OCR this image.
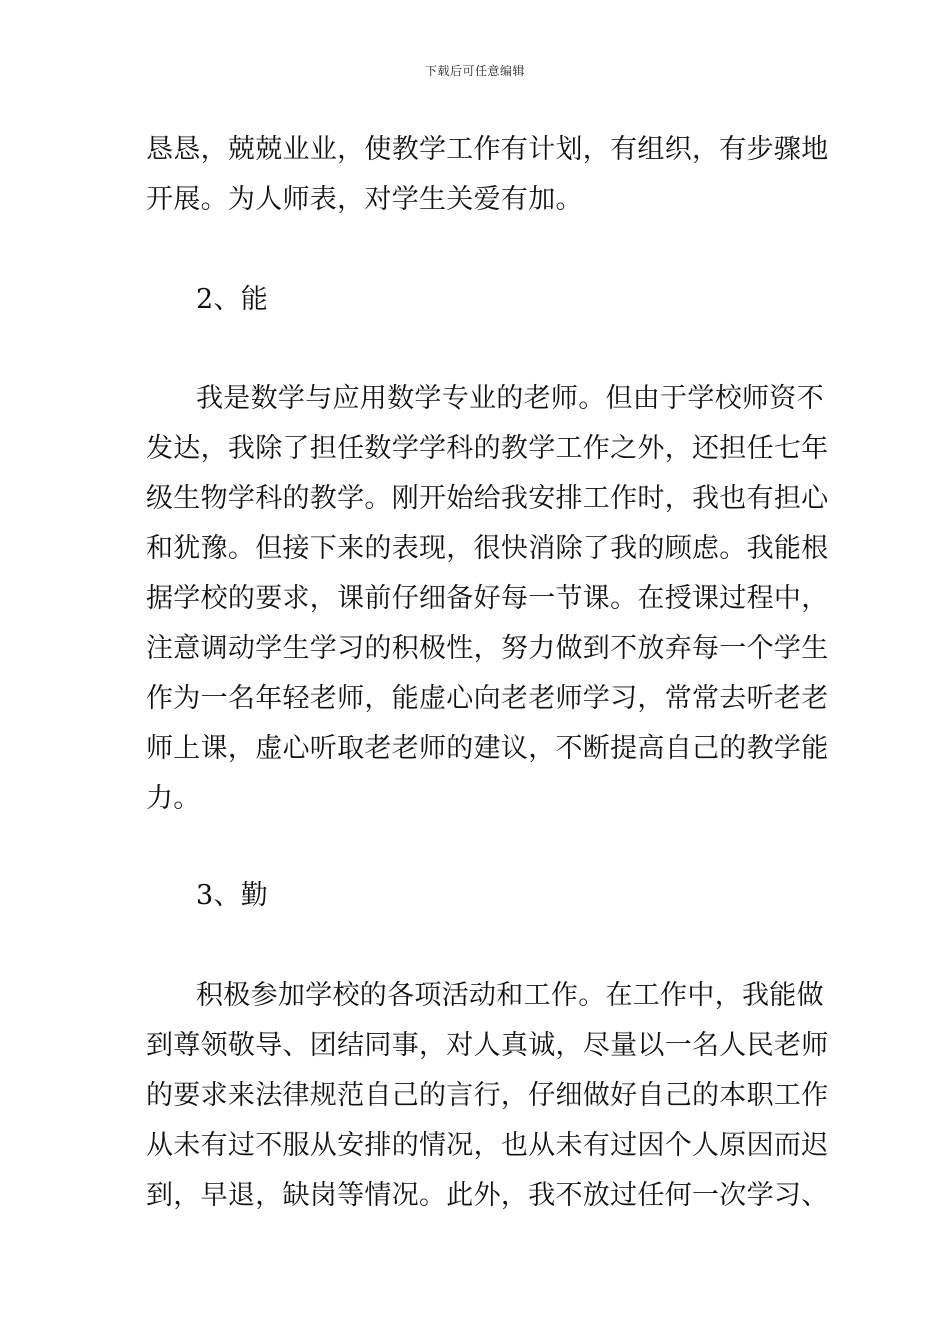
下载后可任意编辑
恳恳，兢兢业业，使教学工作有计划，有组织，有步骤地
开展。为人师表，对学生关爱有加。
2、能
我是数学与应用数学专业的老师。但由于学校师资不
发达，我除了担任数学学科的教学工作之外，还担任七年
级生物学科的教学。刚开始给我安排工作时，我也有担心
和犹豫。但接下来的表现，很快消除了我的顾虑。我能根
据学校的要求，课前仔细备好每一节课。在授课过程中，
注意调动学生学习的积极性，努力做到不放弃每一个学生
作为一名年轻老师，能虚心向老老师学习，常常去听老老
师上课，虚心听取老老师的建议，不断提高自己的教学能
力。
3、勤
积极参加学校的各项活动和工作。在工作中，我能做
到尊领敬导、团结同事，对人真诚，尽量以一名人民老师
的要求来法律规范自己的言行，仔细做好自己的本职工作
从未有过不服从安排的情况，也从未有过因个人原因而迟
到，早退，缺岗等情况。此外，我不放过任何一次学习、
